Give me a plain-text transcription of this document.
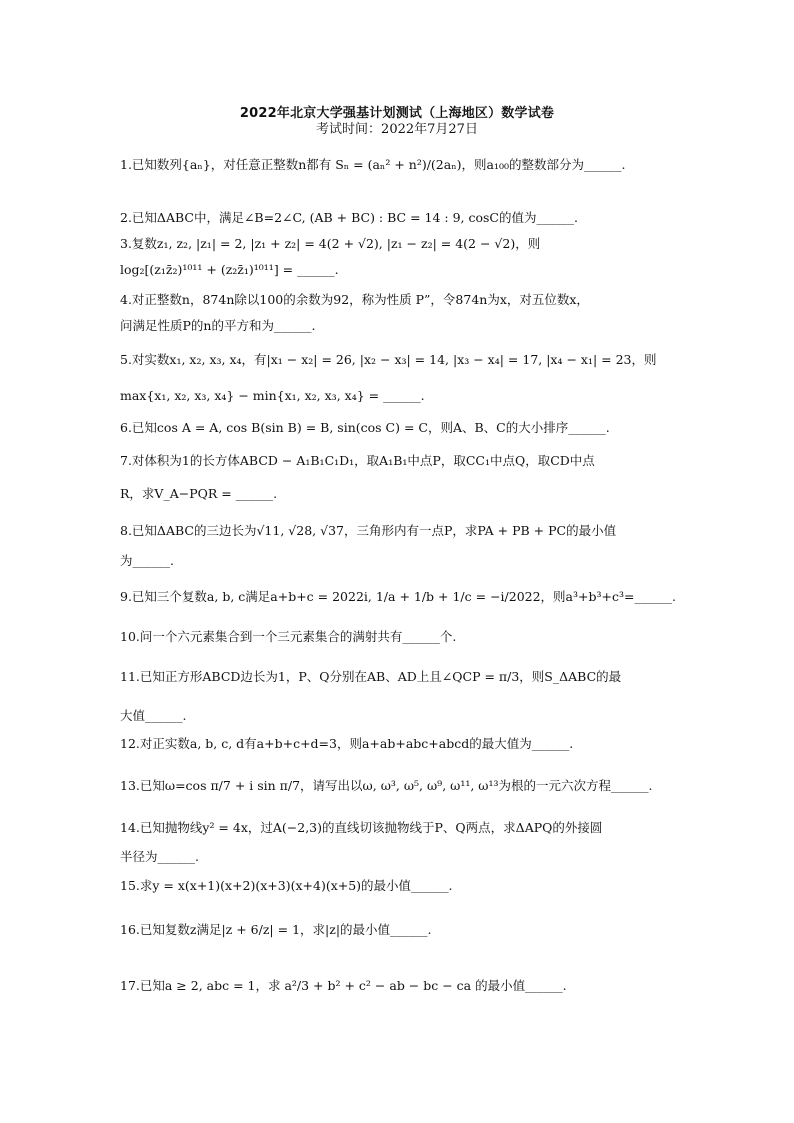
2022年北京大学强基计划测试（上海地区）数学试卷
考试时间：2022年7月27日
1.已知数列{aₙ}，对任意正整数n都有 Sₙ = (aₙ² + n²)/(2aₙ)，则a₁₀₀的整数部分为______.
2.已知ΔABC中，满足∠B=2∠C, (AB + BC) : BC = 14 : 9, cosC的值为______.
3.复数z₁, z₂, |z₁| = 2, |z₁ + z₂| = 4(2 + √2), |z₁ − z₂| = 4(2 − √2)，则
log₂[(z₁z̄₂)¹⁰¹¹ + (z₂z̄₁)¹⁰¹¹] = ______.
4.对正整数n，874n除以100的余数为92，称为性质 P”，令874n为x，对五位数x，
问满足性质P的n的平方和为______.
5.对实数x₁, x₂, x₃, x₄，有|x₁ − x₂| = 26, |x₂ − x₃| = 14, |x₃ − x₄| = 17, |x₄ − x₁| = 23，则
max{x₁, x₂, x₃, x₄} − min{x₁, x₂, x₃, x₄} = ______.
6.已知cos A = A, cos B(sin B) = B, sin(cos C) = C，则A、B、C的大小排序______.
7.对体积为1的长方体ABCD − A₁B₁C₁D₁，取A₁B₁中点P，取CC₁中点Q，取CD中点
R，求V_A−PQR = ______.
8.已知ΔABC的三边长为√11, √28, √37，三角形内有一点P，求PA + PB + PC的最小值
为______.
9.已知三个复数a, b, c满足a+b+c = 2022i, 1/a + 1/b + 1/c = −i/2022，则a³+b³+c³=______.
10.问一个六元素集合到一个三元素集合的满射共有______个.
11.已知正方形ABCD边长为1，P、Q分别在AB、AD上且∠QCP = π/3，则S_ΔABC的最
大值______.
12.对正实数a, b, c, d有a+b+c+d=3，则a+ab+abc+abcd的最大值为______.
13.已知ω=cos π/7 + i sin π/7，请写出以ω, ω³, ω⁵, ω⁹, ω¹¹, ω¹³为根的一元六次方程______.
14.已知抛物线y² = 4x，过A(−2,3)的直线切该抛物线于P、Q两点，求ΔAPQ的外接圆
半径为______.
15.求y = x(x+1)(x+2)(x+3)(x+4)(x+5)的最小值______.
16.已知复数z满足|z + 6/z| = 1，求|z|的最小值______.
17.已知a ≥ 2, abc = 1，求 a²/3 + b² + c² − ab − bc − ca 的最小值______.
